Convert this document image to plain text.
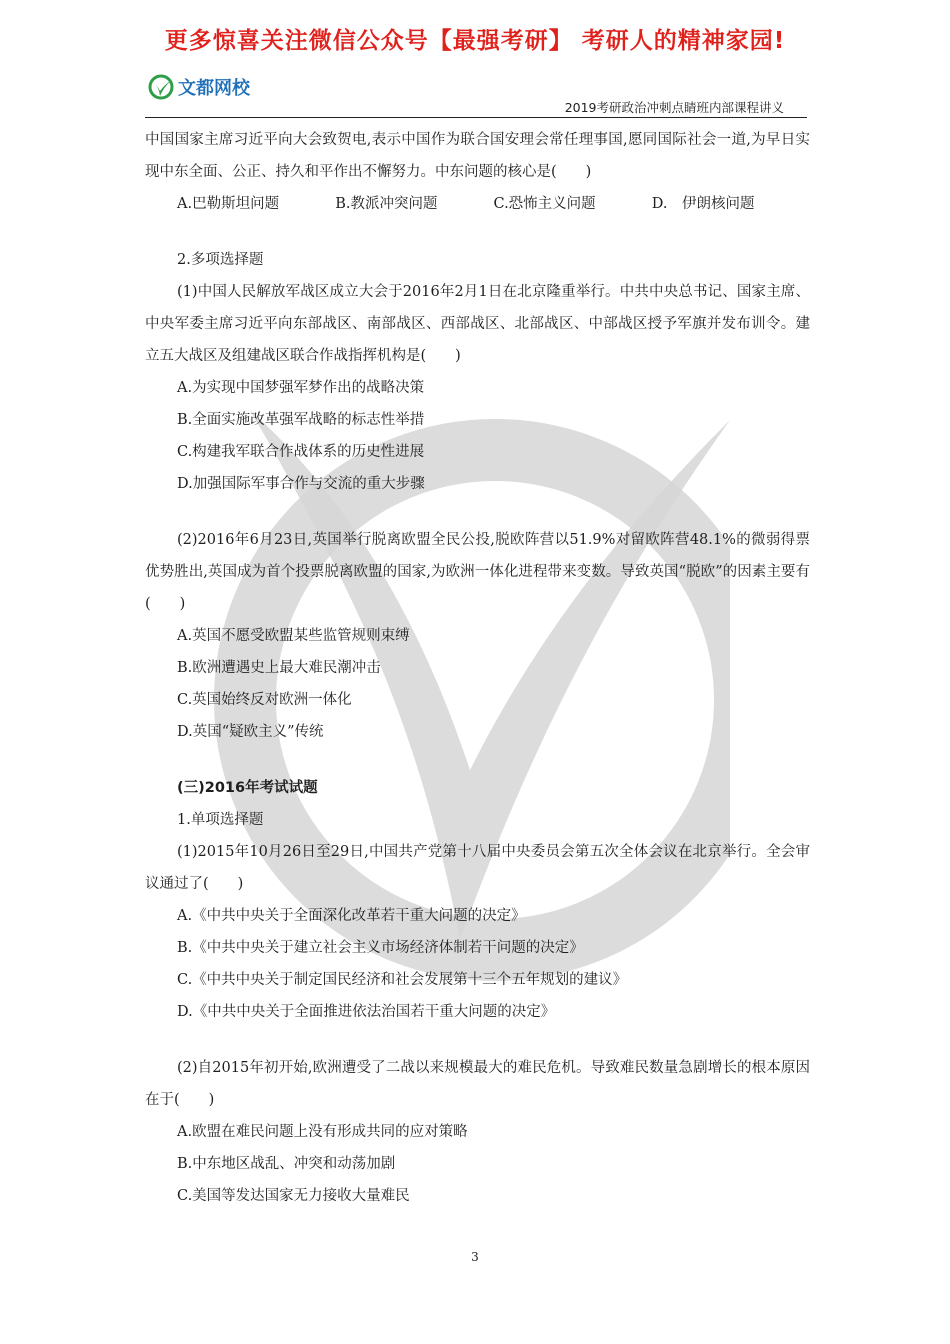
更多惊喜关注微信公众号【最强考研】 考研人的精神家园!
文都网校
2019考研政治冲刺点睛班内部课程讲义

中国国家主席习近平向大会致贺电,表示中国作为联合国安理会常任理事国,愿同国际社会一道,为早日实现中东全面、公正、持久和平作出不懈努力。中东问题的核心是(　　)

A.巴勒斯坦问题	B.教派冲突问题	C.恐怖主义问题	D.　伊朗核问题

2.多项选择题

(1)中国人民解放军战区成立大会于2016年2月1日在北京隆重举行。中共中央总书记、国家主席、中央军委主席习近平向东部战区、南部战区、西部战区、北部战区、中部战区授予军旗并发布训令。建立五大战区及组建战区联合作战指挥机构是(　　)

A.为实现中国梦强军梦作出的战略决策

B.全面实施改革强军战略的标志性举措

C.构建我军联合作战体系的历史性进展

D.加强国际军事合作与交流的重大步骤

(2)2016年6月23日,英国举行脱离欧盟全民公投,脱欧阵营以51.9%对留欧阵营48.1%的微弱得票优势胜出,英国成为首个投票脱离欧盟的国家,为欧洲一体化进程带来变数。导致英国“脱欧”的因素主要有(　　)

A.英国不愿受欧盟某些监管规则束缚

B.欧洲遭遇史上最大难民潮冲击

C.英国始终反对欧洲一体化

D.英国“疑欧主义”传统

(三)2016年考试试题

1.单项选择题

(1)2015年10月26日至29日,中国共产党第十八届中央委员会第五次全体会议在北京举行。全会审议通过了(　　)

A.《中共中央关于全面深化改革若干重大问题的决定》

B.《中共中央关于建立社会主义市场经济体制若干问题的决定》

C.《中共中央关于制定国民经济和社会发展第十三个五年规划的建议》

D.《中共中央关于全面推进依法治国若干重大问题的决定》

(2)自2015年初开始,欧洲遭受了二战以来规模最大的难民危机。导致难民数量急剧增长的根本原因在于(　　)

A.欧盟在难民问题上没有形成共同的应对策略

B.中东地区战乱、冲突和动荡加剧

C.美国等发达国家无力接收大量难民

3
